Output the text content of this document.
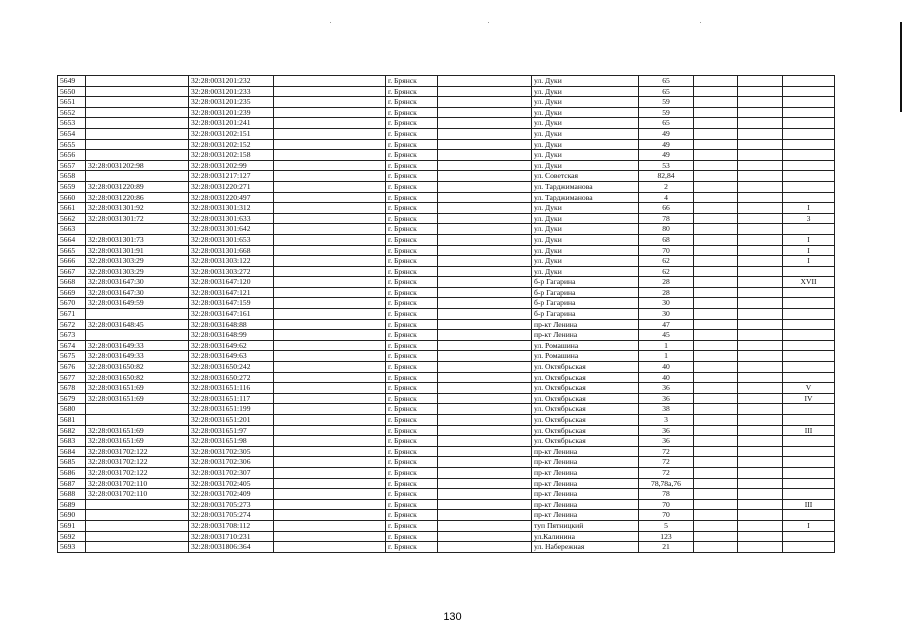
5649		32:28:0031201:232		г. Брянск		ул. Дуки	65			
5650		32:28:0031201:233		г. Брянск		ул. Дуки	65			
5651		32:28:0031201:235		г. Брянск		ул. Дуки	59			
5652		32:28:0031201:239		г. Брянск		ул. Дуки	59			
5653		32:28:0031201:241		г. Брянск		ул. Дуки	65			
5654		32:28:0031202:151		г. Брянск		ул. Дуки	49			
5655		32:28:0031202:152		г. Брянск		ул. Дуки	49			
5656		32:28:0031202:158		г. Брянск		ул. Дуки	49			
5657	32:28:0031202:98	32:28:0031202:99		г. Брянск		ул. Дуки	53			
5658		32:28:0031217:127		г. Брянск		ул. Советская	82,84			
5659	32:28:0031220:89	32:28:0031220:271		г. Брянск		ул. Тарджиманова	2			
5660	32:28:0031220:86	32:28:0031220:497		г. Брянск		ул. Тарджиманова	4			
5661	32:28:0031301:92	32:28:0031301:312		г. Брянск		ул. Дуки	66			I
5662	32:28:0031301:72	32:28:0031301:633		г. Брянск		ул. Дуки	78			3
5663		32:28:0031301:642		г. Брянск		ул. Дуки	80			
5664	32:28:0031301:73	32:28:0031301:653		г. Брянск		ул. Дуки	68			I
5665	32:28:0031301:91	32:28:0031301:668		г. Брянск		ул. Дуки	70			I
5666	32:28:0031303:29	32:28:0031303:122		г. Брянск		ул. Дуки	62			I
5667	32:28:0031303:29	32:28:0031303:272		г. Брянск		ул. Дуки	62			
5668	32:28:0031647:30	32:28:0031647:120		г. Брянск		б-р Гагарина	28			XVII
5669	32:28:0031647:30	32:28:0031647:121		г. Брянск		б-р Гагарина	28			
5670	32:28:0031649:59	32:28:0031647:159		г. Брянск		б-р Гагарина	30			
5671		32:28:0031647:161		г. Брянск		б-р Гагарина	30			
5672	32:28:0031648:45	32:28:0031648:88		г. Брянск		пр-кт Ленина	47			
5673		32:28:0031648:99		г. Брянск		пр-кт Ленина	45			
5674	32:28:0031649:33	32:28:0031649:62		г. Брянск		ул. Ромашина	1			
5675	32:28:0031649:33	32:28:0031649:63		г. Брянск		ул. Ромашина	1			
5676	32:28:0031650:82	32:28:0031650:242		г. Брянск		ул. Октябрьская	40			
5677	32:28:0031650:82	32:28:0031650:272		г. Брянск		ул. Октябрьская	40			
5678	32:28:0031651:69	32:28:0031651:116		г. Брянск		ул. Октябрьская	36			V
5679	32:28:0031651:69	32:28:0031651:117		г. Брянск		ул. Октябрьская	36			IV
5680		32:28:0031651:199		г. Брянск		ул. Октябрьская	38			
5681		32:28:0031651:201		г. Брянск		ул. Октябрьская	3			
5682	32:28:0031651:69	32:28:0031651:97		г. Брянск		ул. Октябрьская	36			III
5683	32:28:0031651:69	32:28:0031651:98		г. Брянск		ул. Октябрьская	36			
5684	32:28:0031702:122	32:28:0031702:305		г. Брянск		пр-кт Ленина	72			
5685	32:28:0031702:122	32:28:0031702:306		г. Брянск		пр-кт Ленина	72			
5686	32:28:0031702:122	32:28:0031702:307		г. Брянск		пр-кт Ленина	72			
5687	32:28:0031702:110	32:28:0031702:405		г. Брянск		пр-кт Ленина	78,78а,76			
5688	32:28:0031702:110	32:28:0031702:409		г. Брянск		пр-кт Ленина	78			
5689		32:28:0031705:273		г. Брянск		пр-кт Ленина	70			III
5690		32:28:0031705:274		г. Брянск		пр-кт Ленина	70			
5691		32:28:0031708:112		г. Брянск		туп Пятницкий	5			I
5692		32:28:0031710:231		г. Брянск		ул.Калинина	123			
5693		32:28:0031806:364		г. Брянск		ул. Набережная	21			
130
